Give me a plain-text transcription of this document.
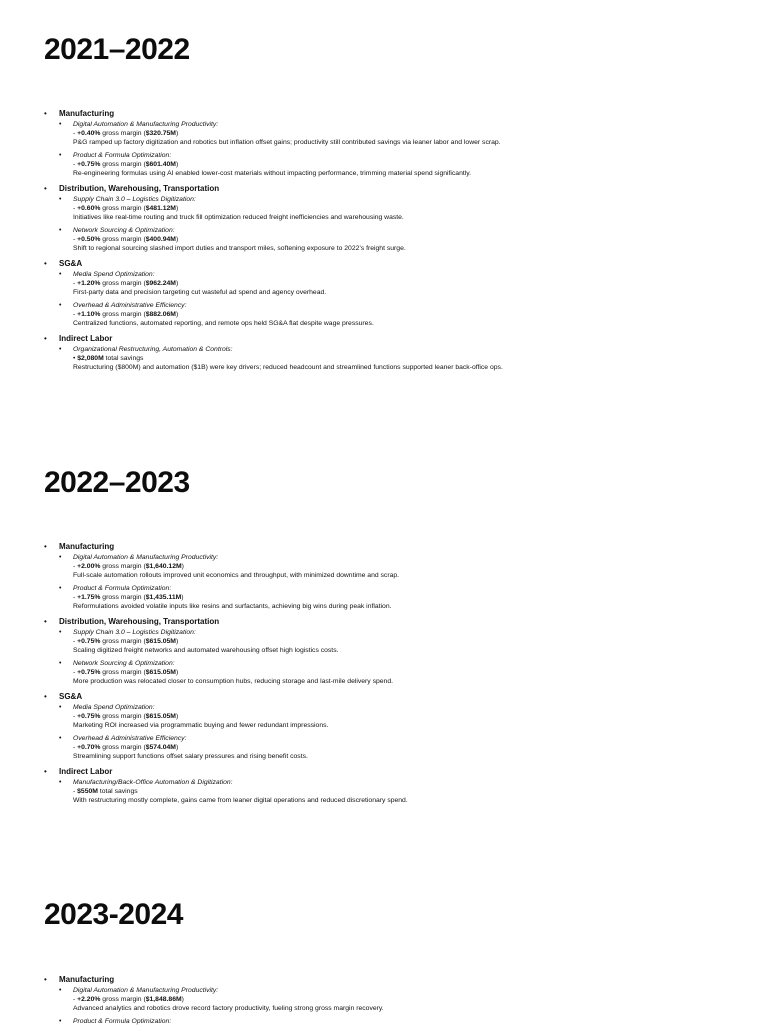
2021–2022
• Manufacturing
• Digital Automation & Manufacturing Productivity:
- +0.40% gross margin ($320.75M)
P&G ramped up factory digitization and robotics but inflation offset gains; productivity still contributed savings via leaner labor and lower scrap.
• Product & Formula Optimization:
- +0.75% gross margin ($601.40M)
Re-engineering formulas using AI enabled lower-cost materials without impacting performance, trimming material spend significantly.
• Distribution, Warehousing, Transportation
• Supply Chain 3.0 – Logistics Digitization:
- +0.60% gross margin ($481.12M)
Initiatives like real-time routing and truck fill optimization reduced freight inefficiencies and warehousing waste.
• Network Sourcing & Optimization:
- +0.50% gross margin ($400.94M)
Shift to regional sourcing slashed import duties and transport miles, softening exposure to 2022’s freight surge.
• SG&A
• Media Spend Optimization:
- +1.20% gross margin ($962.24M)
First-party data and precision targeting cut wasteful ad spend and agency overhead.
• Overhead & Administrative Efficiency:
- +1.10% gross margin ($882.06M)
Centralized functions, automated reporting, and remote ops held SG&A flat despite wage pressures.
• Indirect Labor
• Organizational Restructuring, Automation & Controls:
• $2,080M total savings
Restructuring ($800M) and automation ($1B) were key drivers; reduced headcount and streamlined functions supported leaner back-office ops.
2022–2023
• Manufacturing
• Digital Automation & Manufacturing Productivity:
- +2.00% gross margin ($1,640.12M)
Full-scale automation rollouts improved unit economics and throughput, with minimized downtime and scrap.
• Product & Formula Optimization:
- +1.75% gross margin ($1,435.11M)
Reformulations avoided volatile inputs like resins and surfactants, achieving big wins during peak inflation.
• Distribution, Warehousing, Transportation
• Supply Chain 3.0 – Logistics Digitization:
- +0.75% gross margin ($615.05M)
Scaling digitized freight networks and automated warehousing offset high logistics costs.
• Network Sourcing & Optimization:
- +0.75% gross margin ($615.05M)
More production was relocated closer to consumption hubs, reducing storage and last-mile delivery spend.
• SG&A
• Media Spend Optimization:
- +0.75% gross margin ($615.05M)
Marketing ROI increased via programmatic buying and fewer redundant impressions.
• Overhead & Administrative Efficiency:
- +0.70% gross margin ($574.04M)
Streamlining support functions offset salary pressures and rising benefit costs.
• Indirect Labor
• Manufacturing/Back-Office Automation & Digitization:
- $550M total savings
With restructuring mostly complete, gains came from leaner digital operations and reduced discretionary spend.
2023-2024
• Manufacturing
• Digital Automation & Manufacturing Productivity:
- +2.20% gross margin ($1,848.86M)
Advanced analytics and robotics drove record factory productivity, fueling strong gross margin recovery.
• Product & Formula Optimization:
